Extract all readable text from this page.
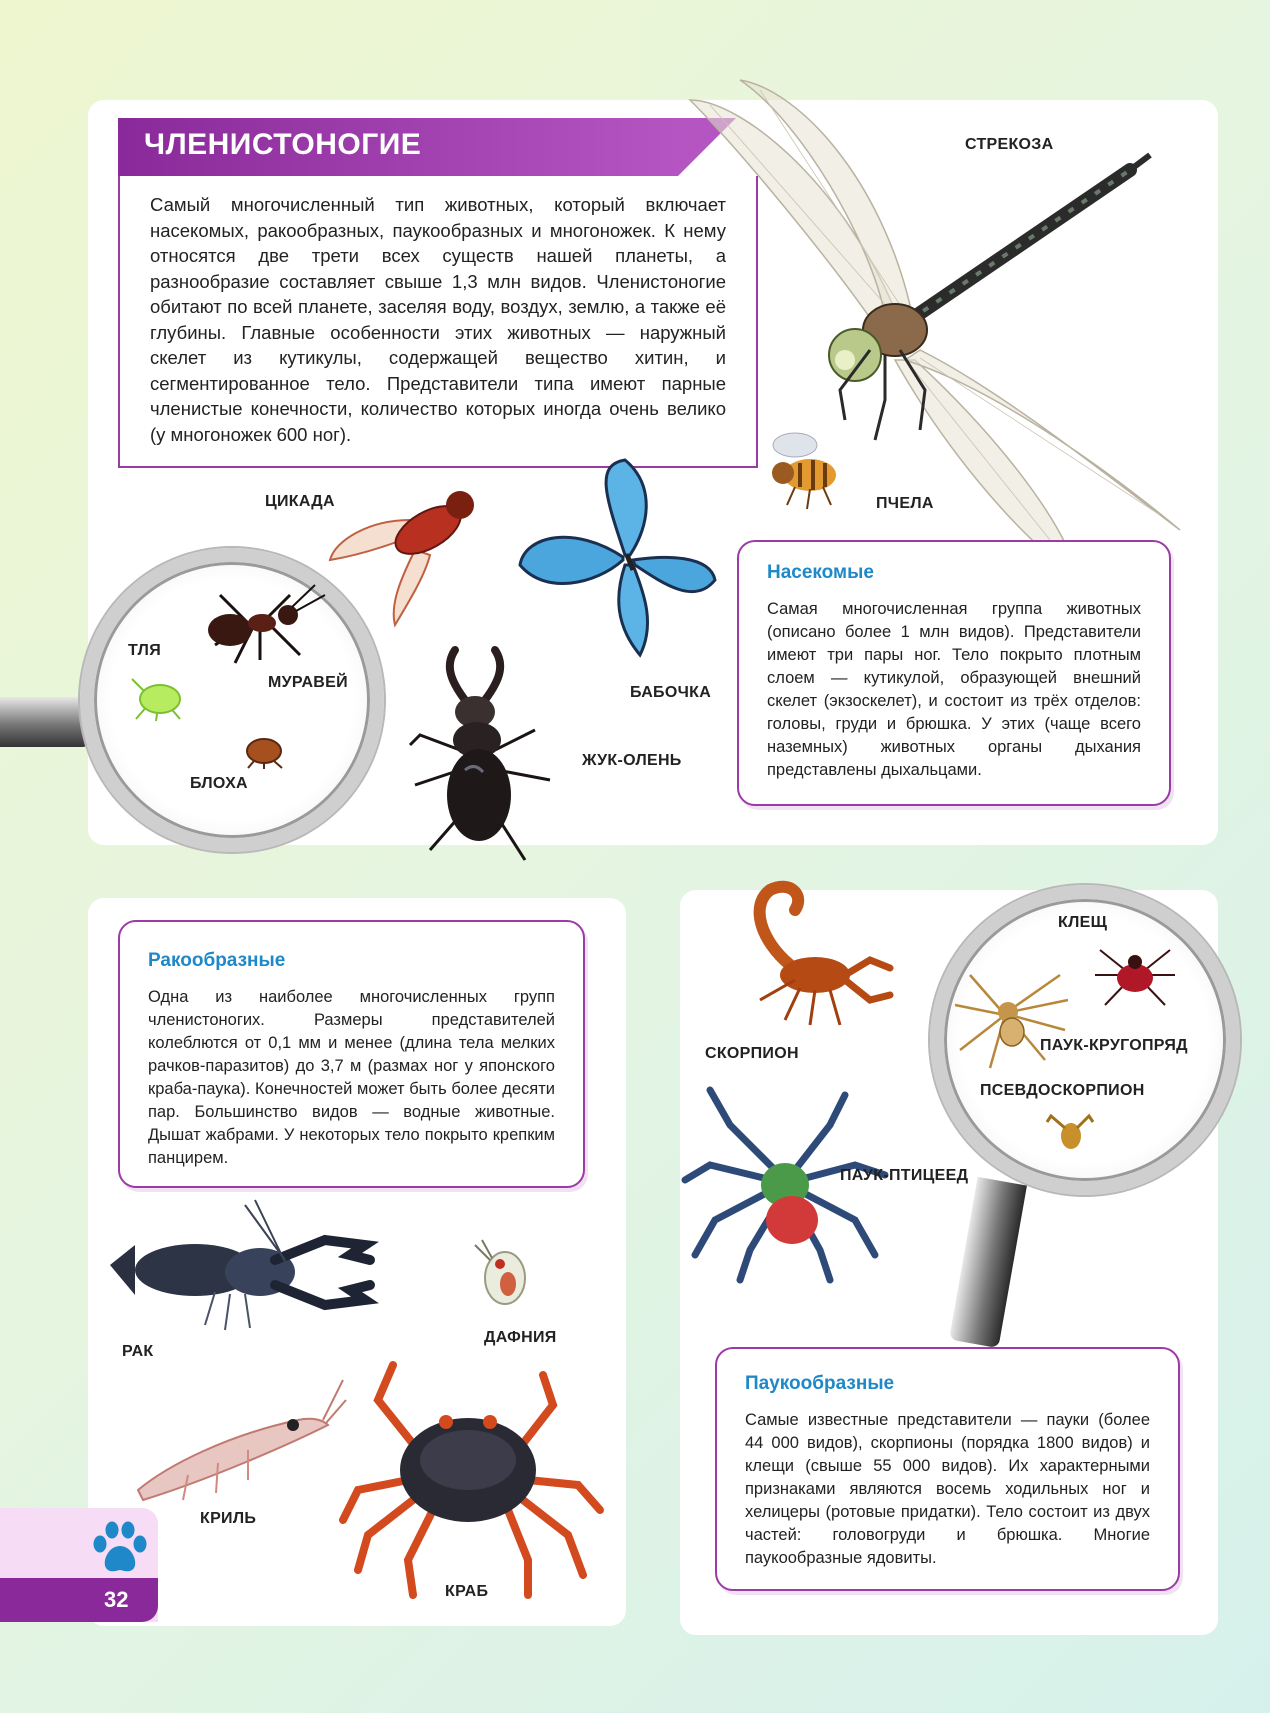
ЧЛЕНИСТОНОГИЕ

Самый многочисленный тип животных, который включает насекомых, ракообразных, паукообразных и многоножек. К нему относятся две трети всех существ нашей планеты, а разнообразие составляет свыше 1,3 млн видов. Членистоногие обитают по всей планете, заселяя воду, воздух, землю, а также её глубины. Главные особенности этих животных — наружный скелет из кутикулы, содержащей вещество хитин, и сегментированное тело. Представители типа имеют парные членистые конечности, количество которых иногда очень велико (у многоножек 600 ног).

СТРЕКОЗА
ПЧЕЛА
Насекомые

Самая многочисленная группа животных (описано более 1 млн видов). Представители имеют три пары ног. Тело покрыто плотным слоем — кутикулой, образующей внешний скелет (экзоскелет), и состоит из трёх отделов: головы, груди и брюшка. У этих (чаще всего наземных) животных органы дыхания представлены дыхальцами.

ЦИКАДА
БАБОЧКА
МУРАВЕЙ
ТЛЯ
БЛОХА
ЖУК-ОЛЕНЬ
Ракообразные

Одна из наиболее многочисленных групп членистоногих. Размеры представителей колеблются от 0,1 мм и менее (длина тела мелких рачков-паразитов) до 3,7 м (размах ног у японского краба-паука). Конечностей может быть более десяти пар. Большинство видов — водные животные. Дышат жабрами. У некоторых тело покрыто крепким панцирем.

РАК
ДАФНИЯ
КРИЛЬ
КРАБ
СКОРПИОН	ПАУК-КРУГОПРЯД
КЛЕЩ
ПСЕВДОСКОРПИОН
ПАУК-ПТИЦЕЕД
Паукообразные

Самые известные представители — пауки (более 44 000 видов), скорпионы (порядка 1800 видов) и клещи (свыше 55 000 видов). Их характерными признаками являются восемь ходильных ног и хелицеры (ротовые придатки). Тело состоит из двух частей: головогруди и брюшка. Многие паукообразные ядовиты.

32
